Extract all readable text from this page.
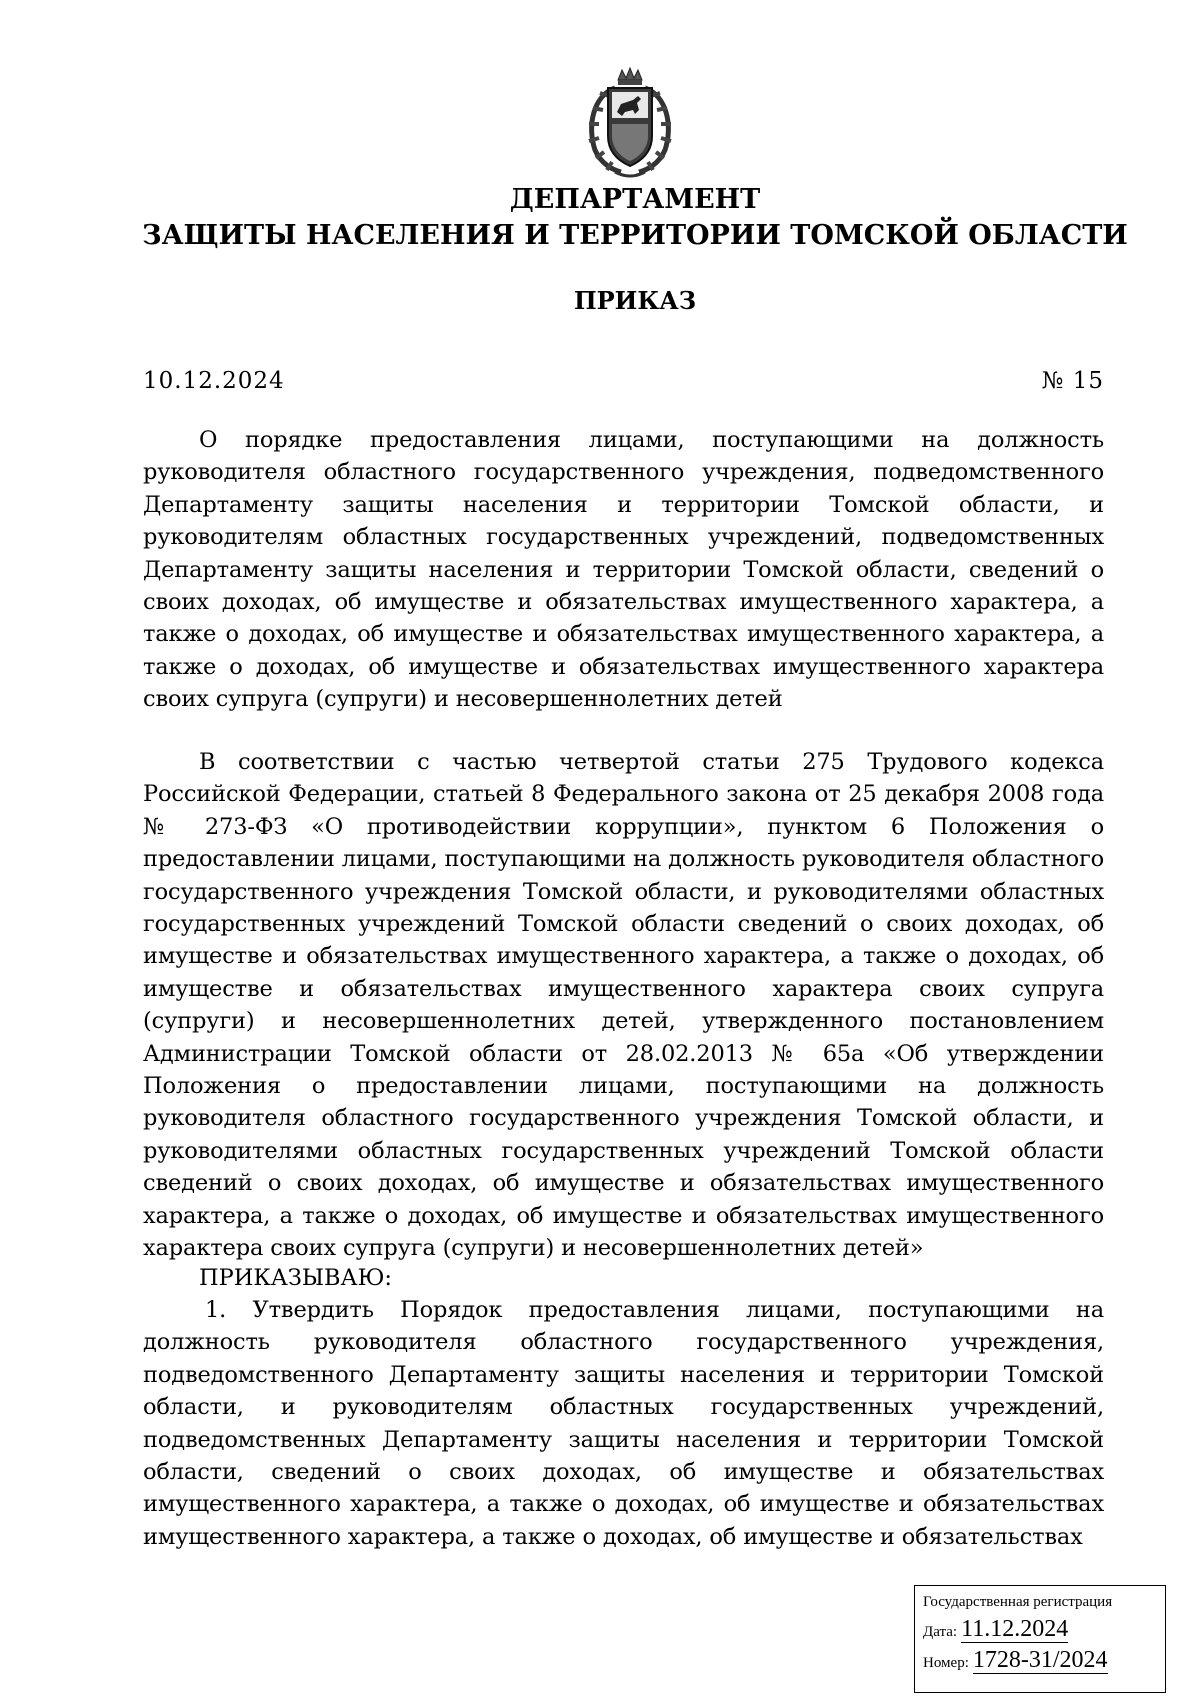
ДЕПАРТАМЕНТ
ЗАЩИТЫ НАСЕЛЕНИЯ И ТЕРРИТОРИИ ТОМСКОЙ ОБЛАСТИ
ПРИКАЗ
10.12.2024	№ 15

О порядке предоставления лицами, поступающими на должность руководителя областного государственного учреждения, подведомственного Департаменту защиты населения и территории Томской области, и руководителям областных государственных учреждений, подведомственных Департаменту защиты населения и территории Томской области, сведений о своих доходах, об имуществе и обязательствах имущественного характера, а также о доходах, об имуществе и обязательствах имущественного характера, а также о доходах, об имуществе и обязательствах имущественного характера своих супруга (супруги) и несовершеннолетних детей

В соответствии с частью четвертой статьи 275 Трудового кодекса Российской Федерации, статьей 8 Федерального закона от 25 декабря 2008 года № 273-ФЗ «О противодействии коррупции», пунктом 6 Положения о предоставлении лицами, поступающими на должность руководителя областного государственного учреждения Томской области, и руководителями областных государственных учреждений Томской области сведений о своих доходах, об имуществе и обязательствах имущественного характера, а также о доходах, об имуществе и обязательствах имущественного характера своих супруга (супруги) и несовершеннолетних детей, утвержденного постановлением Администрации Томской области от 28.02.2013 № 65а «Об утверждении Положения о предоставлении лицами, поступающими на должность руководителя областного государственного учреждения Томской области, и руководителями областных государственных учреждений Томской области сведений о своих доходах, об имуществе и обязательствах имущественного характера, а также о доходах, об имуществе и обязательствах имущественного характера своих супруга (супруги) и несовершеннолетних детей»

ПРИКАЗЫВАЮ:

1. Утвердить Порядок предоставления лицами, поступающими на должность руководителя областного государственного учреждения, подведомственного Департаменту защиты населения и территории Томской области, и руководителям областных государственных учреждений, подведомственных Департаменту защиты населения и территории Томской области, сведений о своих доходах, об имуществе и обязательствах имущественного характера, а также о доходах, об имуществе и обязательствах имущественного характера, а также о доходах, об имуществе и обязательствах

Государственная регистрация
Дата: 11.12.2024
Номер: 1728-31/2024
